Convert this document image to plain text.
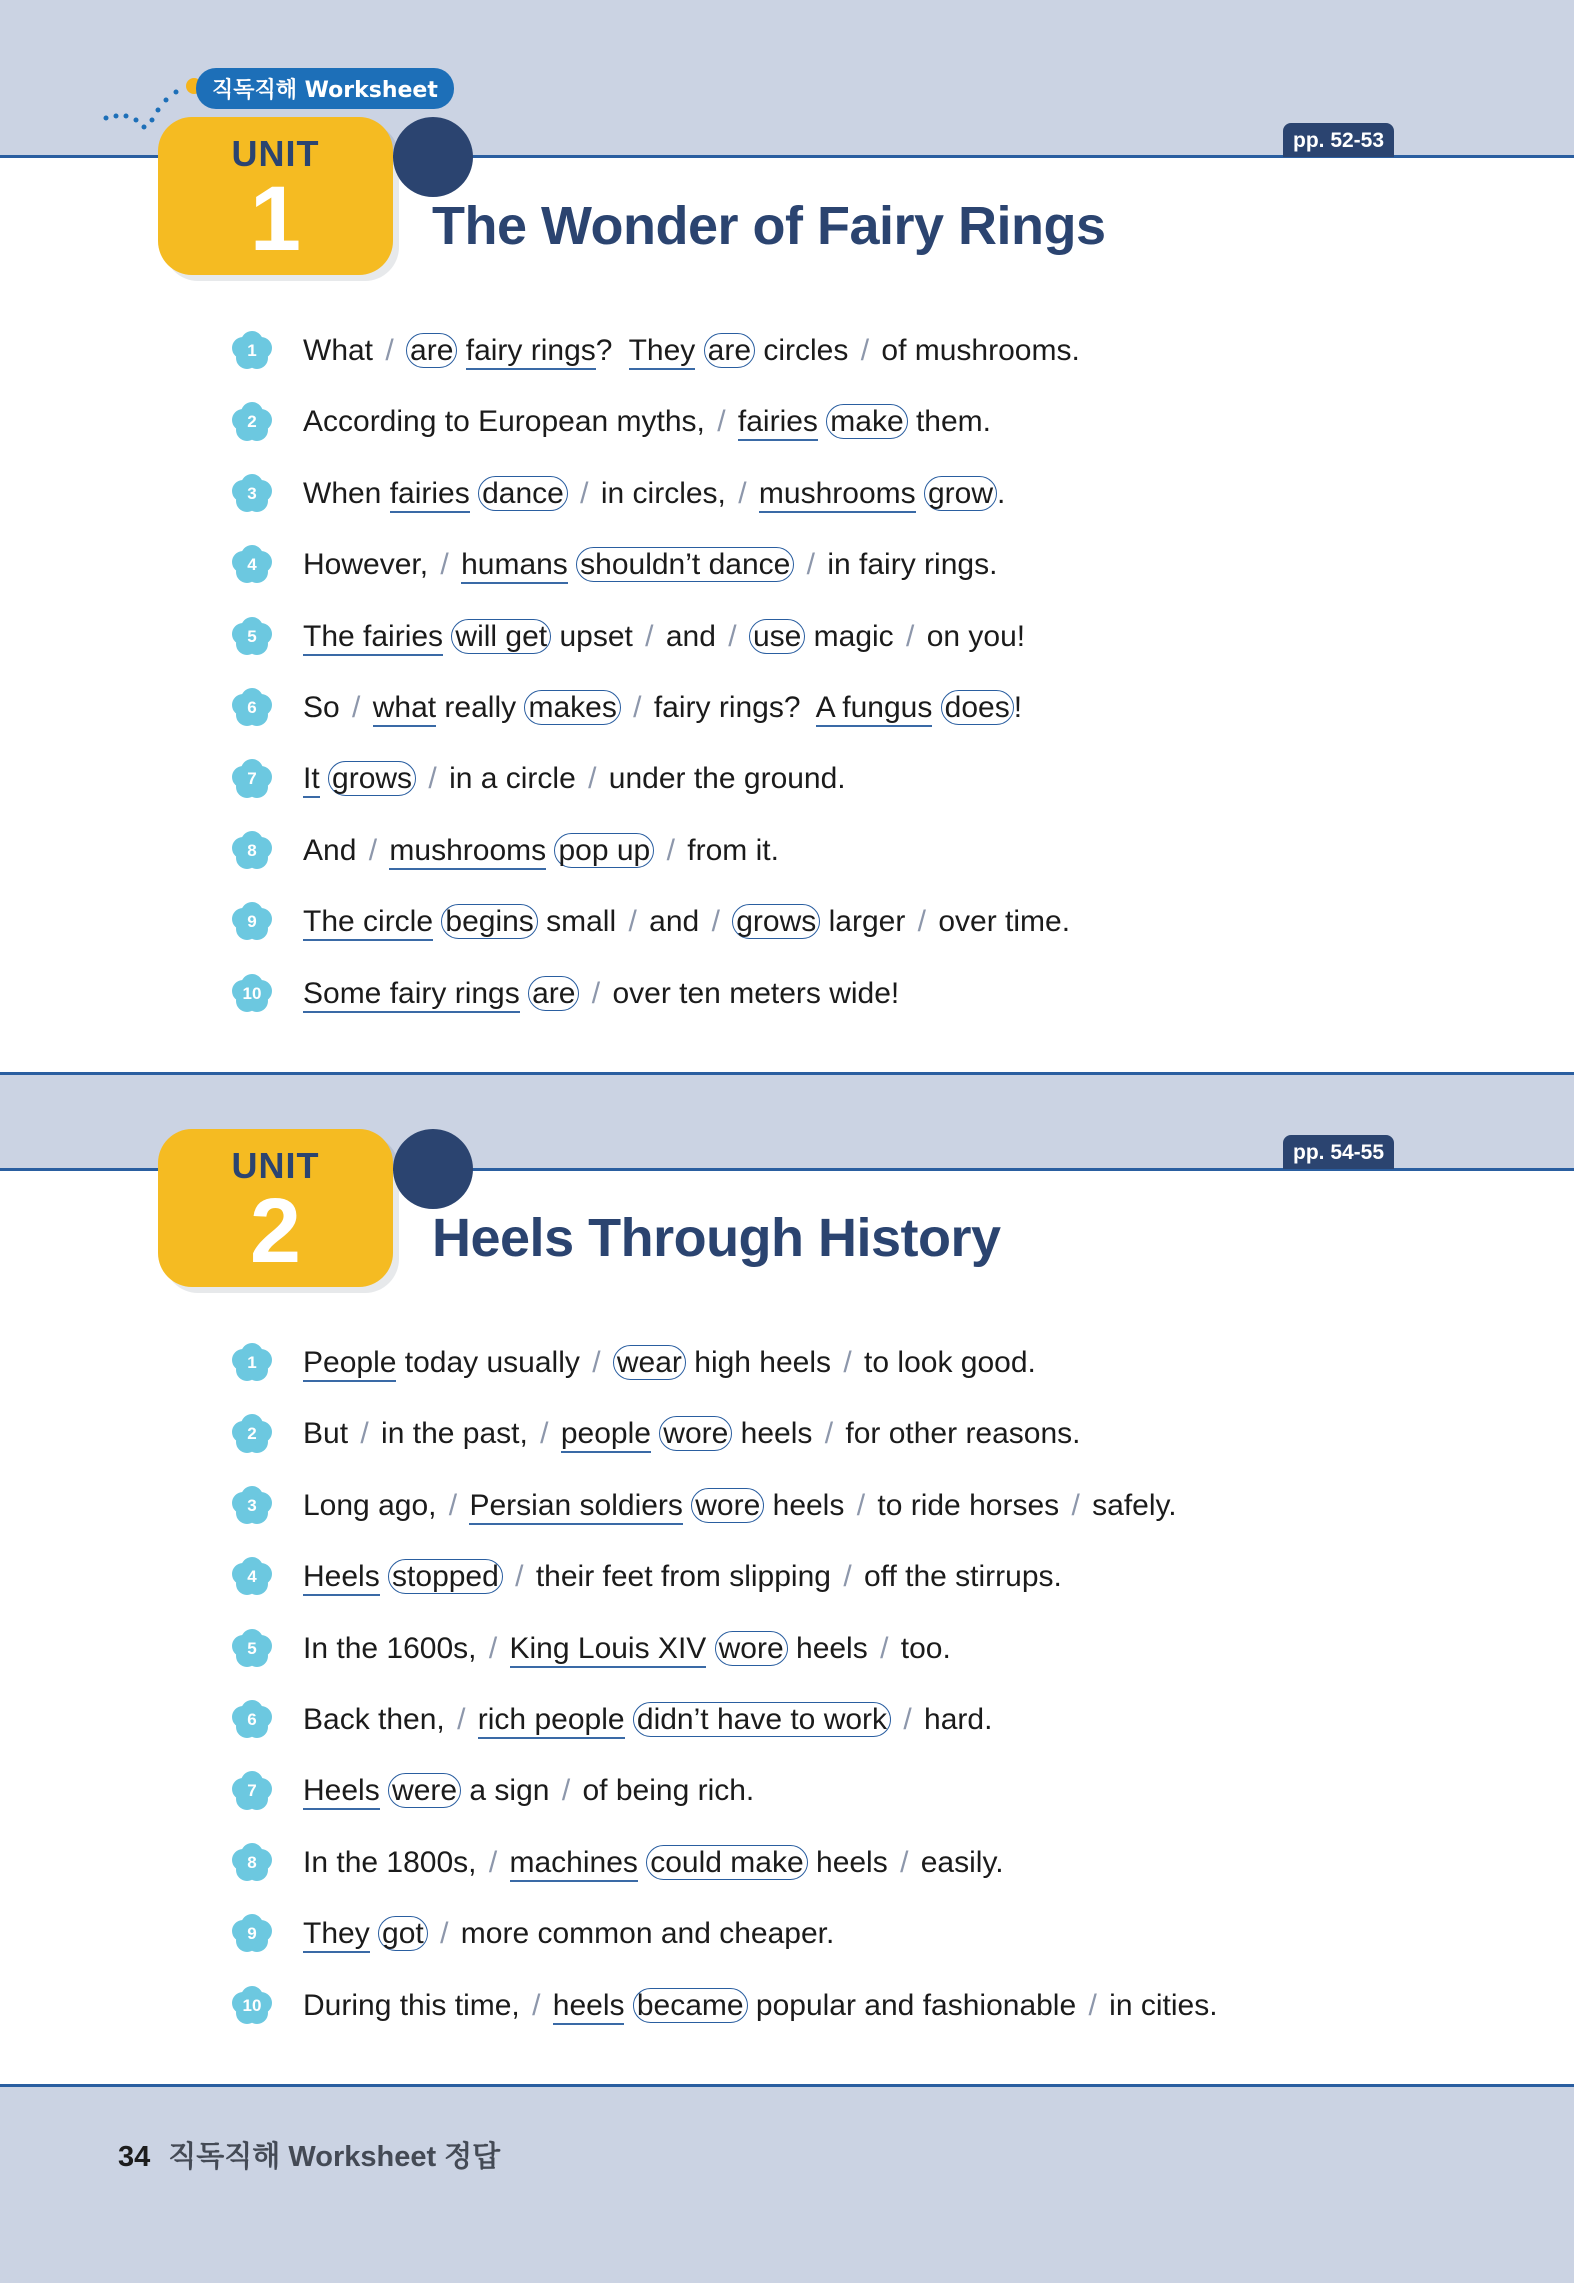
직독직해 Worksheet
UNIT
1	The Wonder of Fairy Rings
pp. 52-53
1	What / are fairy rings?  They are circles / of mushrooms.
2	According to European myths, / fairies make them.
3	When fairies dance / in circles, / mushrooms grow .
4	However, / humans shouldn’t dance / in fairy rings.
5	The fairies will get upset / and / use magic / on you!
6	So / what really makes / fairy rings?  A fungus does !
7	It grows / in a circle / under the ground.
8	And / mushrooms pop up / from it.
9	The circle begins small / and / grows larger / over time.
10	Some fairy rings are / over ten meters wide!
UNIT
2	Heels Through History
pp. 54-55
1	People today usually / wear high heels / to look good.
2	But / in the past, / people wore heels / for other reasons.
3	Long ago, / Persian soldiers wore heels / to ride horses / safely.
4	Heels stopped / their feet from slipping / off the stirrups.
5	In the 1600s, / King Louis XIV wore heels / too.
6	Back then, / rich people didn’t have to work / hard.
7	Heels were a sign / of being rich.
8	In the 1800s, / machines could make heels / easily.
9	They got / more common and cheaper.
10	During this time, / heels became popular and fashionable / in cities.
34 직독직해 Worksheet 정답
